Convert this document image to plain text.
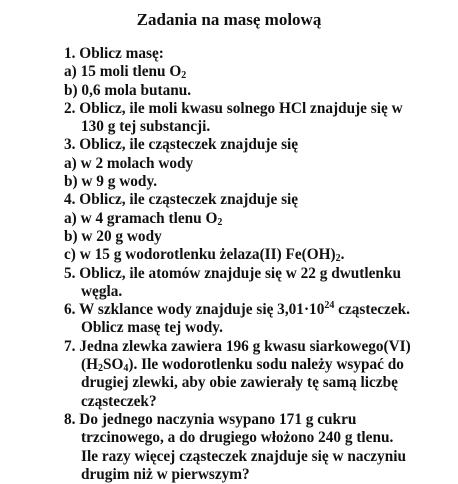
Zadania na masę molową
1. Oblicz masę:
a) 15 moli tlenu $O_2$
b) 0,6 mola butanu.
2. Oblicz, ile moli kwasu solnego HCl znajduje się w
130 g tej substancji.
3. Oblicz, ile cząsteczek znajduje się
a) w 2 molach wody
b) w 9 g wody.
4. Oblicz, ile cząsteczek znajduje się
a) w 4 gramach tlenu $O_2$
b) w 20 g wody
c) w 15 g wodorotlenku żelaza(II) $Fe(OH)_2$.
5. Oblicz, ile atomów znajduje się w 22 g dwutlenku
węgla.
6. W szklance wody znajduje się $3,01\cdot 10^{24}$ cząsteczek.
Oblicz masę tej wody.
7. Jedna zlewka zawiera 196 g kwasu siarkowego(VI)
$(H_2SO_4)$. Ile wodorotlenku sodu należy wsypać do
drugiej zlewki, aby obie zawierały tę samą liczbę
cząsteczek?
8. Do jednego naczynia wsypano 171 g cukru
trzcinowego, a do drugiego włożono 240 g tlenu.
Ile razy więcej cząsteczek znajduje się w naczyniu
drugim niż w pierwszym?
